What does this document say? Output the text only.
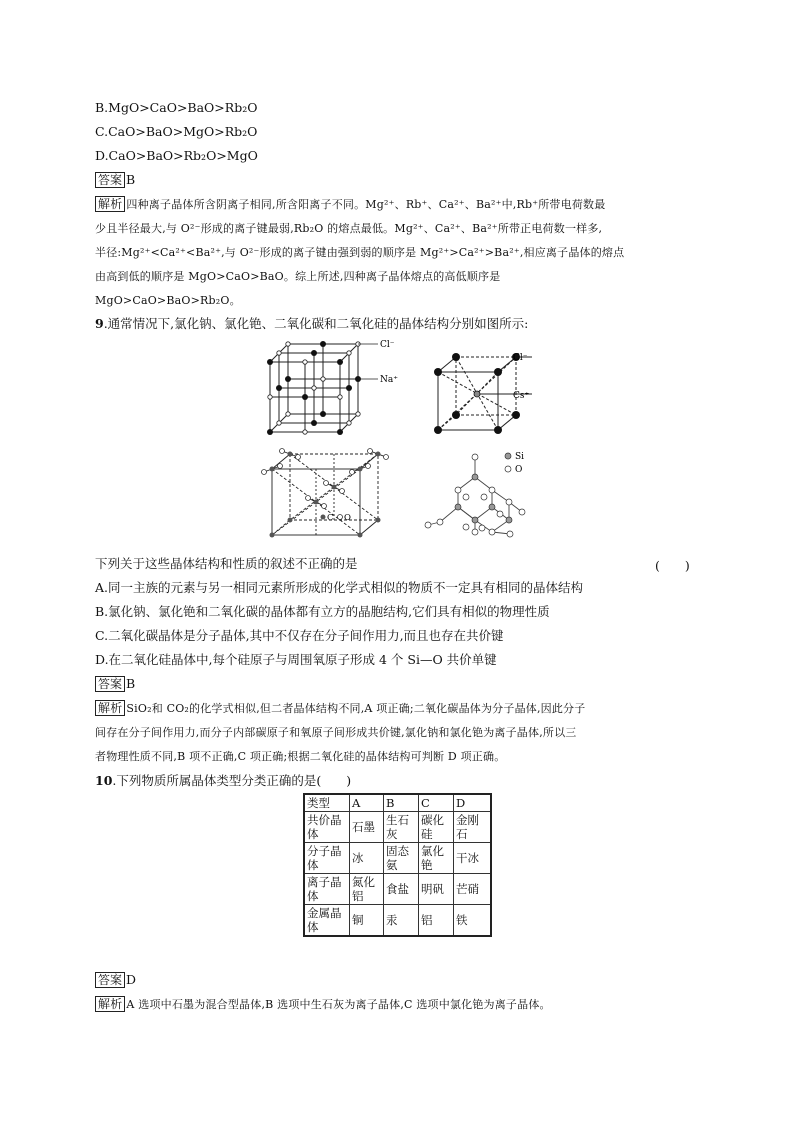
B.MgO>CaO>BaO>Rb₂O
C.CaO>BaO>MgO>Rb₂O
D.CaO>BaO>Rb₂O>MgO
答案 B
解析 四种离子晶体所含阴离子相同,所含阳离子不同。Mg²⁺、Rb⁺、Ca²⁺、Ba²⁺中,Rb⁺所带电荷数最
少且半径最大,与 O²⁻形成的离子键最弱,Rb₂O 的熔点最低。Mg²⁺、Ca²⁺、Ba²⁺所带正电荷数一样多,
半径:Mg²⁺<Ca²⁺<Ba²⁺,与 O²⁻形成的离子键由强到弱的顺序是 Mg²⁺>Ca²⁺>Ba²⁺,相应离子晶体的熔点
由高到低的顺序是 MgO>CaO>BaO。综上所述,四种离子晶体熔点的高低顺序是
MgO>CaO>BaO>Rb₂O。
9.通常情况下,氯化钠、氯化铯、二氧化碳和二氧化硅的晶体结构分别如图所示:
Cl⁻
Na⁺
Cl⁻
Cs⁺
C O
Si
O
下列关于这些晶体结构和性质的叙述不正确的是	(　　)
A.同一主族的元素与另一相同元素所形成的化学式相似的物质不一定具有相同的晶体结构
B.氯化钠、氯化铯和二氧化碳的晶体都有立方的晶胞结构,它们具有相似的物理性质
C.二氧化碳晶体是分子晶体,其中不仅存在分子间作用力,而且也存在共价键
D.在二氧化硅晶体中,每个硅原子与周围氧原子形成 4 个 Si—O 共价单键
答案 B
解析 SiO₂和 CO₂的化学式相似,但二者晶体结构不同,A 项正确;二氧化碳晶体为分子晶体,因此分子
间存在分子间作用力,而分子内部碳原子和氧原子间形成共价键,氯化钠和氯化铯为离子晶体,所以三
者物理性质不同,B 项不正确,C 项正确;根据二氧化硅的晶体结构可判断 D 项正确。
10.下列物质所属晶体类型分类正确的是(　　)
类型	A	B	C	D
共价晶体	石墨	生石灰	碳化硅	金刚石
分子晶体	冰	固态氨	氯化铯	干冰
离子晶体	氮化铝	食盐	明矾	芒硝
金属晶体	铜	汞	铝	铁
答案 D
解析 A 选项中石墨为混合型晶体,B 选项中生石灰为离子晶体,C 选项中氯化铯为离子晶体。
